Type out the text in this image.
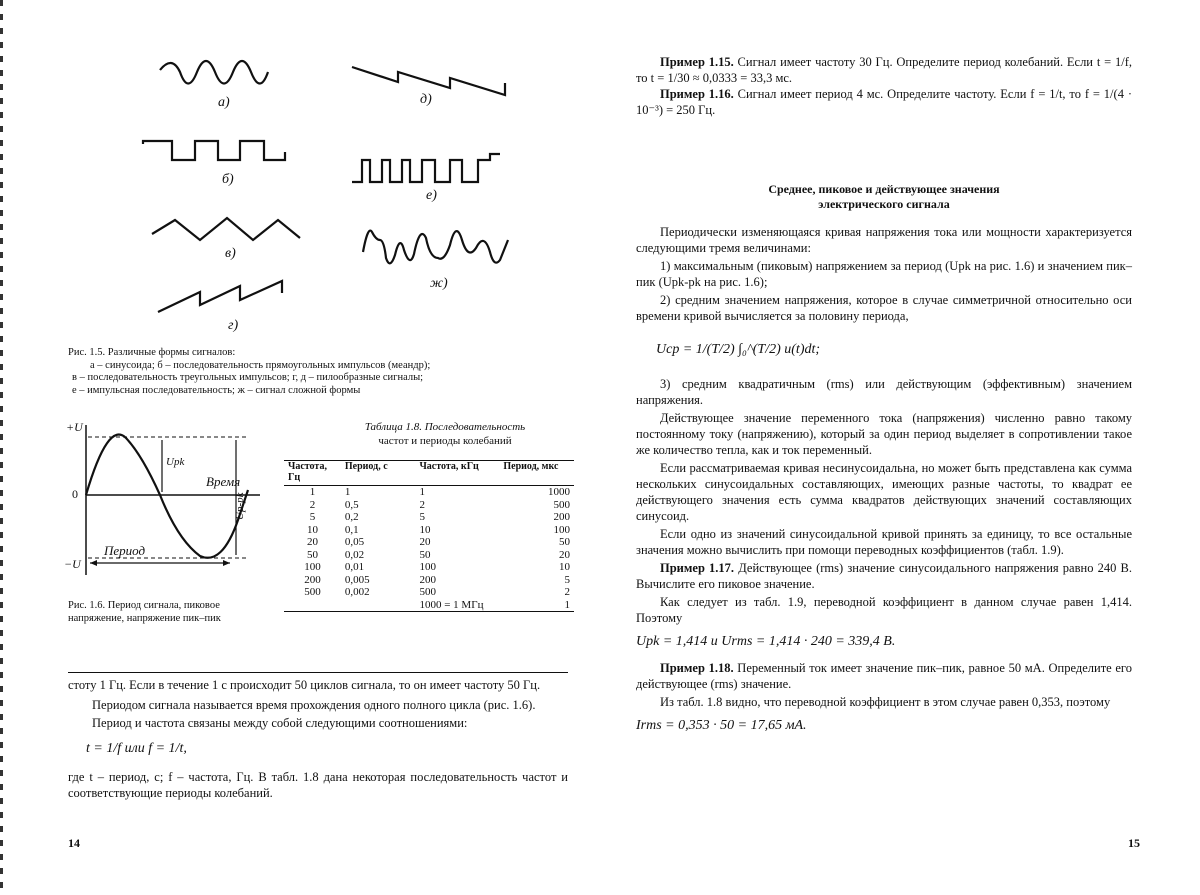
а)	д)
б)
е)
в)
ж)
г)
Рис. 1.5. Различные формы сигналов:
а – синусоида; б – последовательность прямоугольных импульсов (меандр);
в – последовательность треугольных импульсов; г, д – пилообразные сигналы;
е – импульсная последовательность; ж – сигнал сложной формы
+U
0
−U
Upk
Время
Up-pk
Период
Рис. 1.6. Период сигнала, пиковое
напряжение, напряжение пик–пик
Таблица 1.8. Последовательность
частот и периоды колебаний
Частота, Гц	Период, с	Частота, кГц	Период, мкс
1	1	1	1000
2	0,5	2	500
5	0,2	5	200
10	0,1	10	100
20	0,05	20	50
50	0,02	50	20
100	0,01	100	10
200	0,005	200	5
500	0,002	500	2
		1000 = 1 МГц	1

стоту 1 Гц. Если в течение 1 с происходит 50 циклов сигнала, то он имеет частоту 50 Гц.

Периодом сигнала называется время прохождения одного полного цикла (рис. 1.6).

Период и частота связаны между собой следующими соотношениями:

t = 1/f или f = 1/t,

где t – период, с; f – частота, Гц. В табл. 1.8 дана некоторая последовательность частот и соответствующие периоды колебаний.

14

Пример 1.15. Сигнал имеет частоту 30 Гц. Определите период колебаний. Если t = 1/f, то t = 1/30 ≈ 0,0333 = 33,3 мс.

Пример 1.16. Сигнал имеет период 4 мс. Определите частоту. Если f = 1/t, то f = 1/(4 · 10⁻³) = 250 Гц.

Среднее, пиковое и действующее значения
электрического сигнала

Периодически изменяющаяся кривая напряжения тока или мощности характеризуется следующими тремя величинами:

1) максимальным (пиковым) напряжением за период (Upk на рис. 1.6) и значением пик–пик (Upk-pk на рис. 1.6);

2) средним значением напряжения, которое в случае симметричной относительно оси времени кривой вычисляется за половину периода,

Uср = 1/(T/2) ∫₀^(T/2) u(t)dt;

3) средним квадратичным (rms) или действующим (эффективным) значением напряжения.

Действующее значение переменного тока (напряжения) численно равно такому постоянному току (напряжению), который за один период выделяет в сопротивлении такое же количество тепла, как и ток переменный.

Если рассматриваемая кривая несинусоидальна, но может быть представлена как сумма нескольких синусоидальных составляющих, имеющих разные частоты, то квадрат ее действующего значения есть сумма квадратов действующих значений составляющих синусоид.

Если одно из значений синусоидальной кривой принять за единицу, то все остальные значения можно вычислить при помощи переводных коэффициентов (табл. 1.9).

Пример 1.17. Действующее (rms) значение синусоидального напряжения равно 240 В. Вычислите его пиковое значение.

Как следует из табл. 1.9, переводной коэффициент в данном случае равен 1,414. Поэтому

Upk = 1,414 и Urms = 1,414 · 240 = 339,4 В.

Пример 1.18. Переменный ток имеет значение пик–пик, равное 50 мА. Определите его действующее (rms) значение.

Из табл. 1.8 видно, что переводной коэффициент в этом случае равен 0,353, поэтому

Irms = 0,353 · 50 = 17,65 мА.

15
